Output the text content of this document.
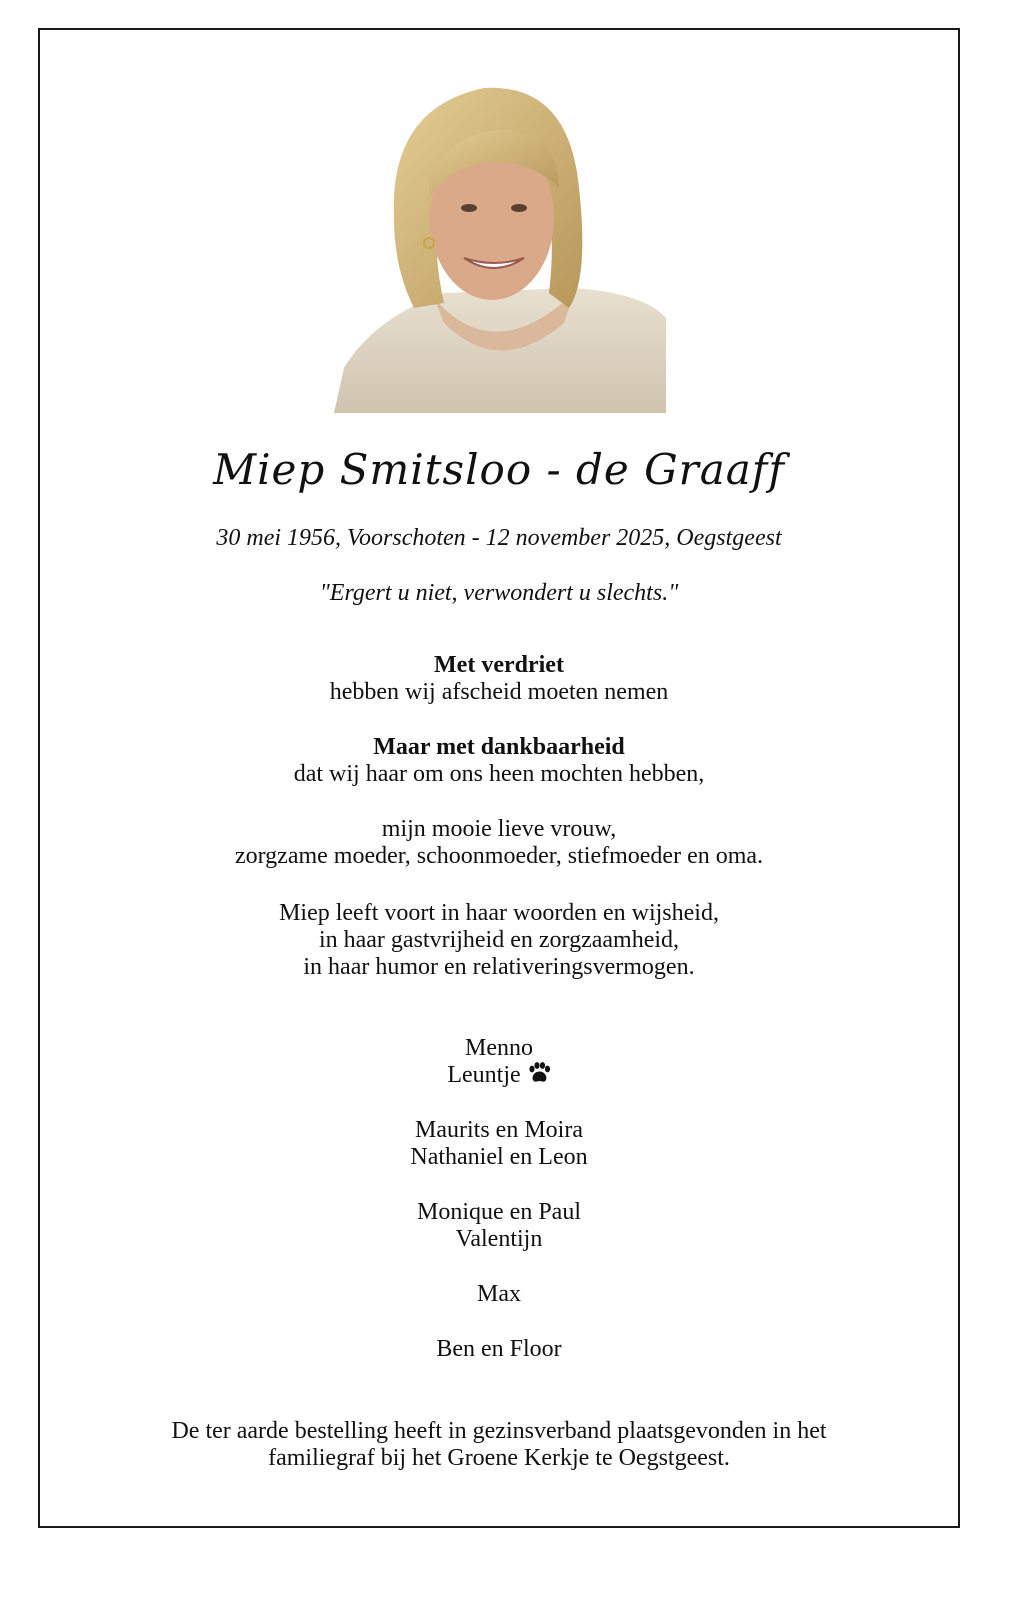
Miep Smitsloo - de Graaff
30 mei 1956, Voorschoten - 12 november 2025, Oegstgeest
"Ergert u niet, verwondert u slechts."
Met verdriet
hebben wij afscheid moeten nemen
Maar met dankbaarheid
dat wij haar om ons heen mochten hebben,
mijn mooie lieve vrouw,
zorgzame moeder, schoonmoeder, stiefmoeder en oma.
Miep leeft voort in haar woorden en wijsheid,
in haar gastvrijheid en zorgzaamheid,
in haar humor en relativeringsvermogen.
Menno
Leuntje
Maurits en Moira
Nathaniel en Leon
Monique en Paul
Valentijn
Max
Ben en Floor
De ter aarde bestelling heeft in gezinsverband plaatsgevonden in het
familiegraf bij het Groene Kerkje te Oegstgeest.
